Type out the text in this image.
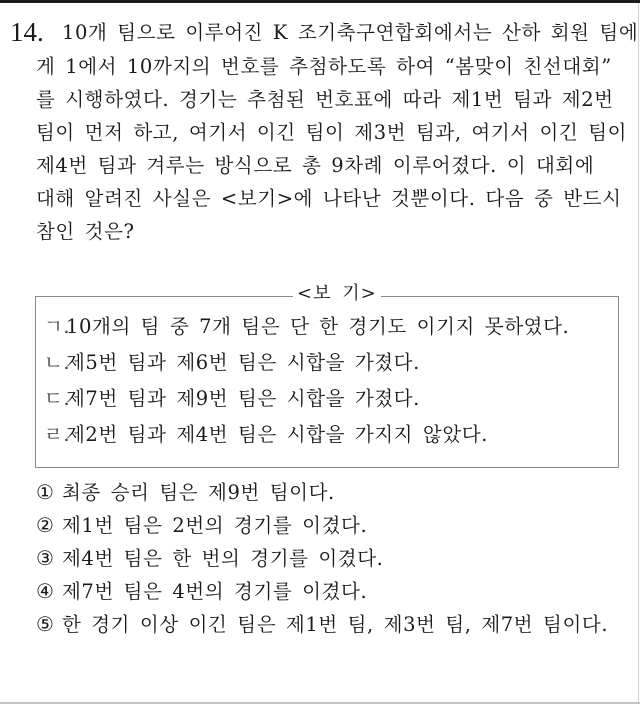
14. 10개 팀으로 이루어진 K 조기축구연합회에서는 산하 회원 팀에
게 1에서 10까지의 번호를 추첨하도록 하여 “봄맞이 친선대회”
를 시행하였다. 경기는 추첨된 번호표에 따라 제1번 팀과 제2번
팀이 먼저 하고, 여기서 이긴 팀이 제3번 팀과, 여기서 이긴 팀이
제4번 팀과 겨루는 방식으로 총 9차례 이루어졌다. 이 대회에
대해 알려진 사실은 <보기>에 나타난 것뿐이다. 다음 중 반드시
참인 것은?
<보 기>
ㄱ.10개의 팀 중 7개 팀은 단 한 경기도 이기지 못하였다.
ㄴ.제5번 팀과 제6번 팀은 시합을 가졌다.
ㄷ.제7번 팀과 제9번 팀은 시합을 가졌다.
ㄹ.제2번 팀과 제4번 팀은 시합을 가지지 않았다.
① 최종 승리 팀은 제9번 팀이다.
② 제1번 팀은 2번의 경기를 이겼다.
③ 제4번 팀은 한 번의 경기를 이겼다.
④ 제7번 팀은 4번의 경기를 이겼다.
⑤ 한 경기 이상 이긴 팀은 제1번 팀, 제3번 팀, 제7번 팀이다.
